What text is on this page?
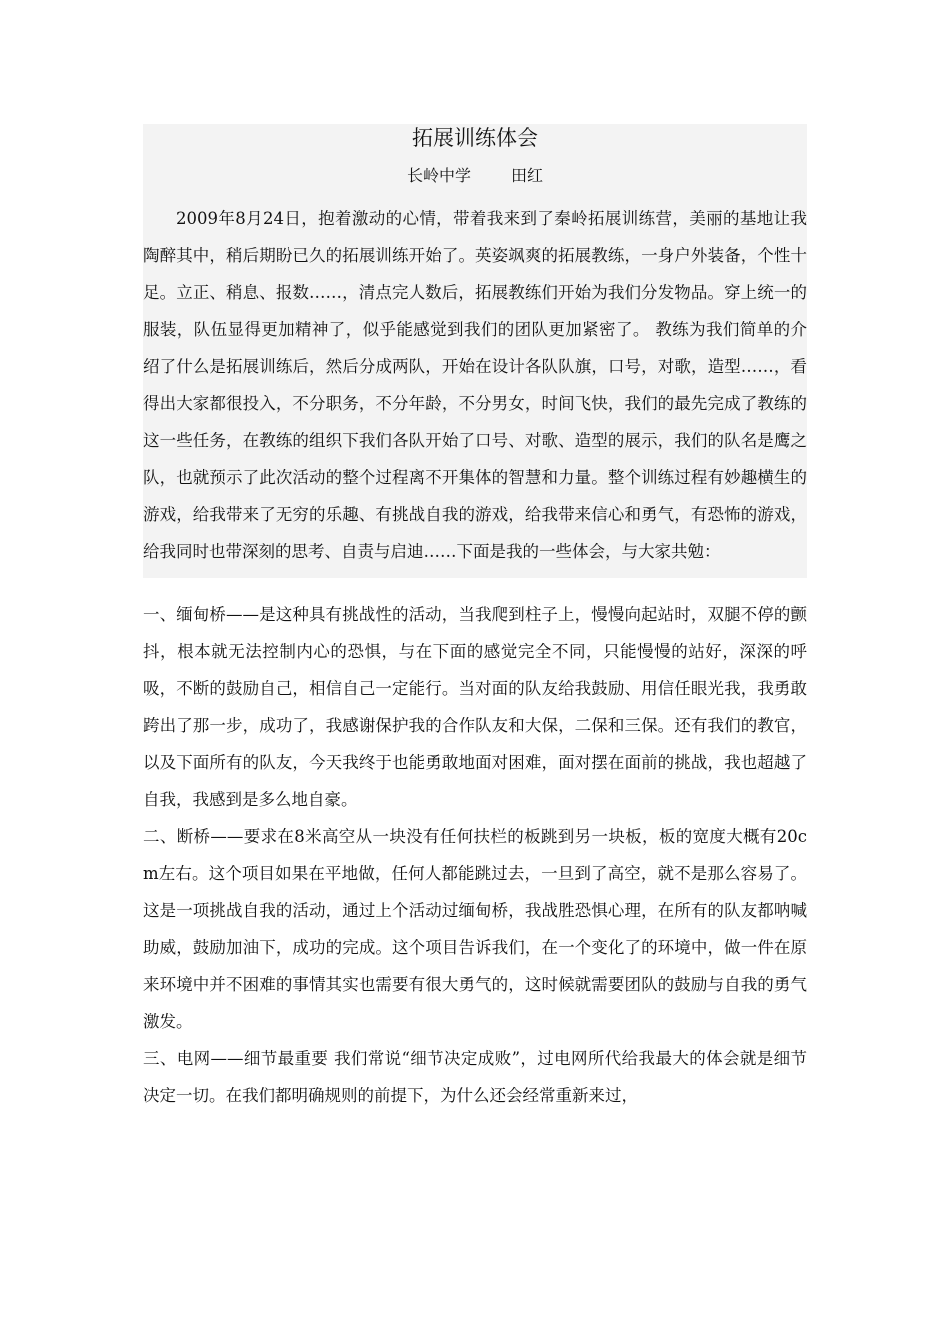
拓展训练体会
长岭中学	田红

2009年8月24日，抱着激动的心情，带着我来到了秦岭拓展训练营，美丽的基地让我陶醉其中，稍后期盼已久的拓展训练开始了。英姿飒爽的拓展教练，一身户外装备，个性十足。立正、稍息、报数……，清点完人数后，拓展教练们开始为我们分发物品。穿上统一的服装，队伍显得更加精神了，似乎能感觉到我们的团队更加紧密了。 教练为我们简单的介绍了什么是拓展训练后，然后分成两队，开始在设计各队队旗，口号，对歌，造型……，看得出大家都很投入，不分职务，不分年龄，不分男女，时间飞快，我们的最先完成了教练的这一些任务，在教练的组织下我们各队开始了口号、对歌、造型的展示，我们的队名是鹰之队，也就预示了此次活动的整个过程离不开集体的智慧和力量。整个训练过程有妙趣横生的游戏，给我带来了无穷的乐趣、有挑战自我的游戏，给我带来信心和勇气，有恐怖的游戏，给我同时也带深刻的思考、自责与启迪……下面是我的一些体会，与大家共勉：

一、缅甸桥——是这种具有挑战性的活动，当我爬到柱子上，慢慢向起站时，双腿不停的颤抖，根本就无法控制内心的恐惧，与在下面的感觉完全不同，只能慢慢的站好，深深的呼吸，不断的鼓励自己，相信自己一定能行。当对面的队友给我鼓励、用信任眼光我，我勇敢跨出了那一步，成功了，我感谢保护我的合作队友和大保，二保和三保。还有我们的教官，以及下面所有的队友，今天我终于也能勇敢地面对困难，面对摆在面前的挑战，我也超越了自我，我感到是多么地自豪。

二、断桥——要求在8米高空从一块没有任何扶栏的板跳到另一块板，板的宽度大概有20cm左右。这个项目如果在平地做，任何人都能跳过去，一旦到了高空，就不是那么容易了。这是一项挑战自我的活动，通过上个活动过缅甸桥，我战胜恐惧心理，在所有的队友都呐喊助威，鼓励加油下，成功的完成。这个项目告诉我们，在一个变化了的环境中，做一件在原来环境中并不困难的事情其实也需要有很大勇气的，这时候就需要团队的鼓励与自我的勇气激发。

三、电网——细节最重要 我们常说“细节决定成败”，过电网所代给我最大的体会就是细节决定一切。在我们都明确规则的前提下，为什么还会经常重新来过，
